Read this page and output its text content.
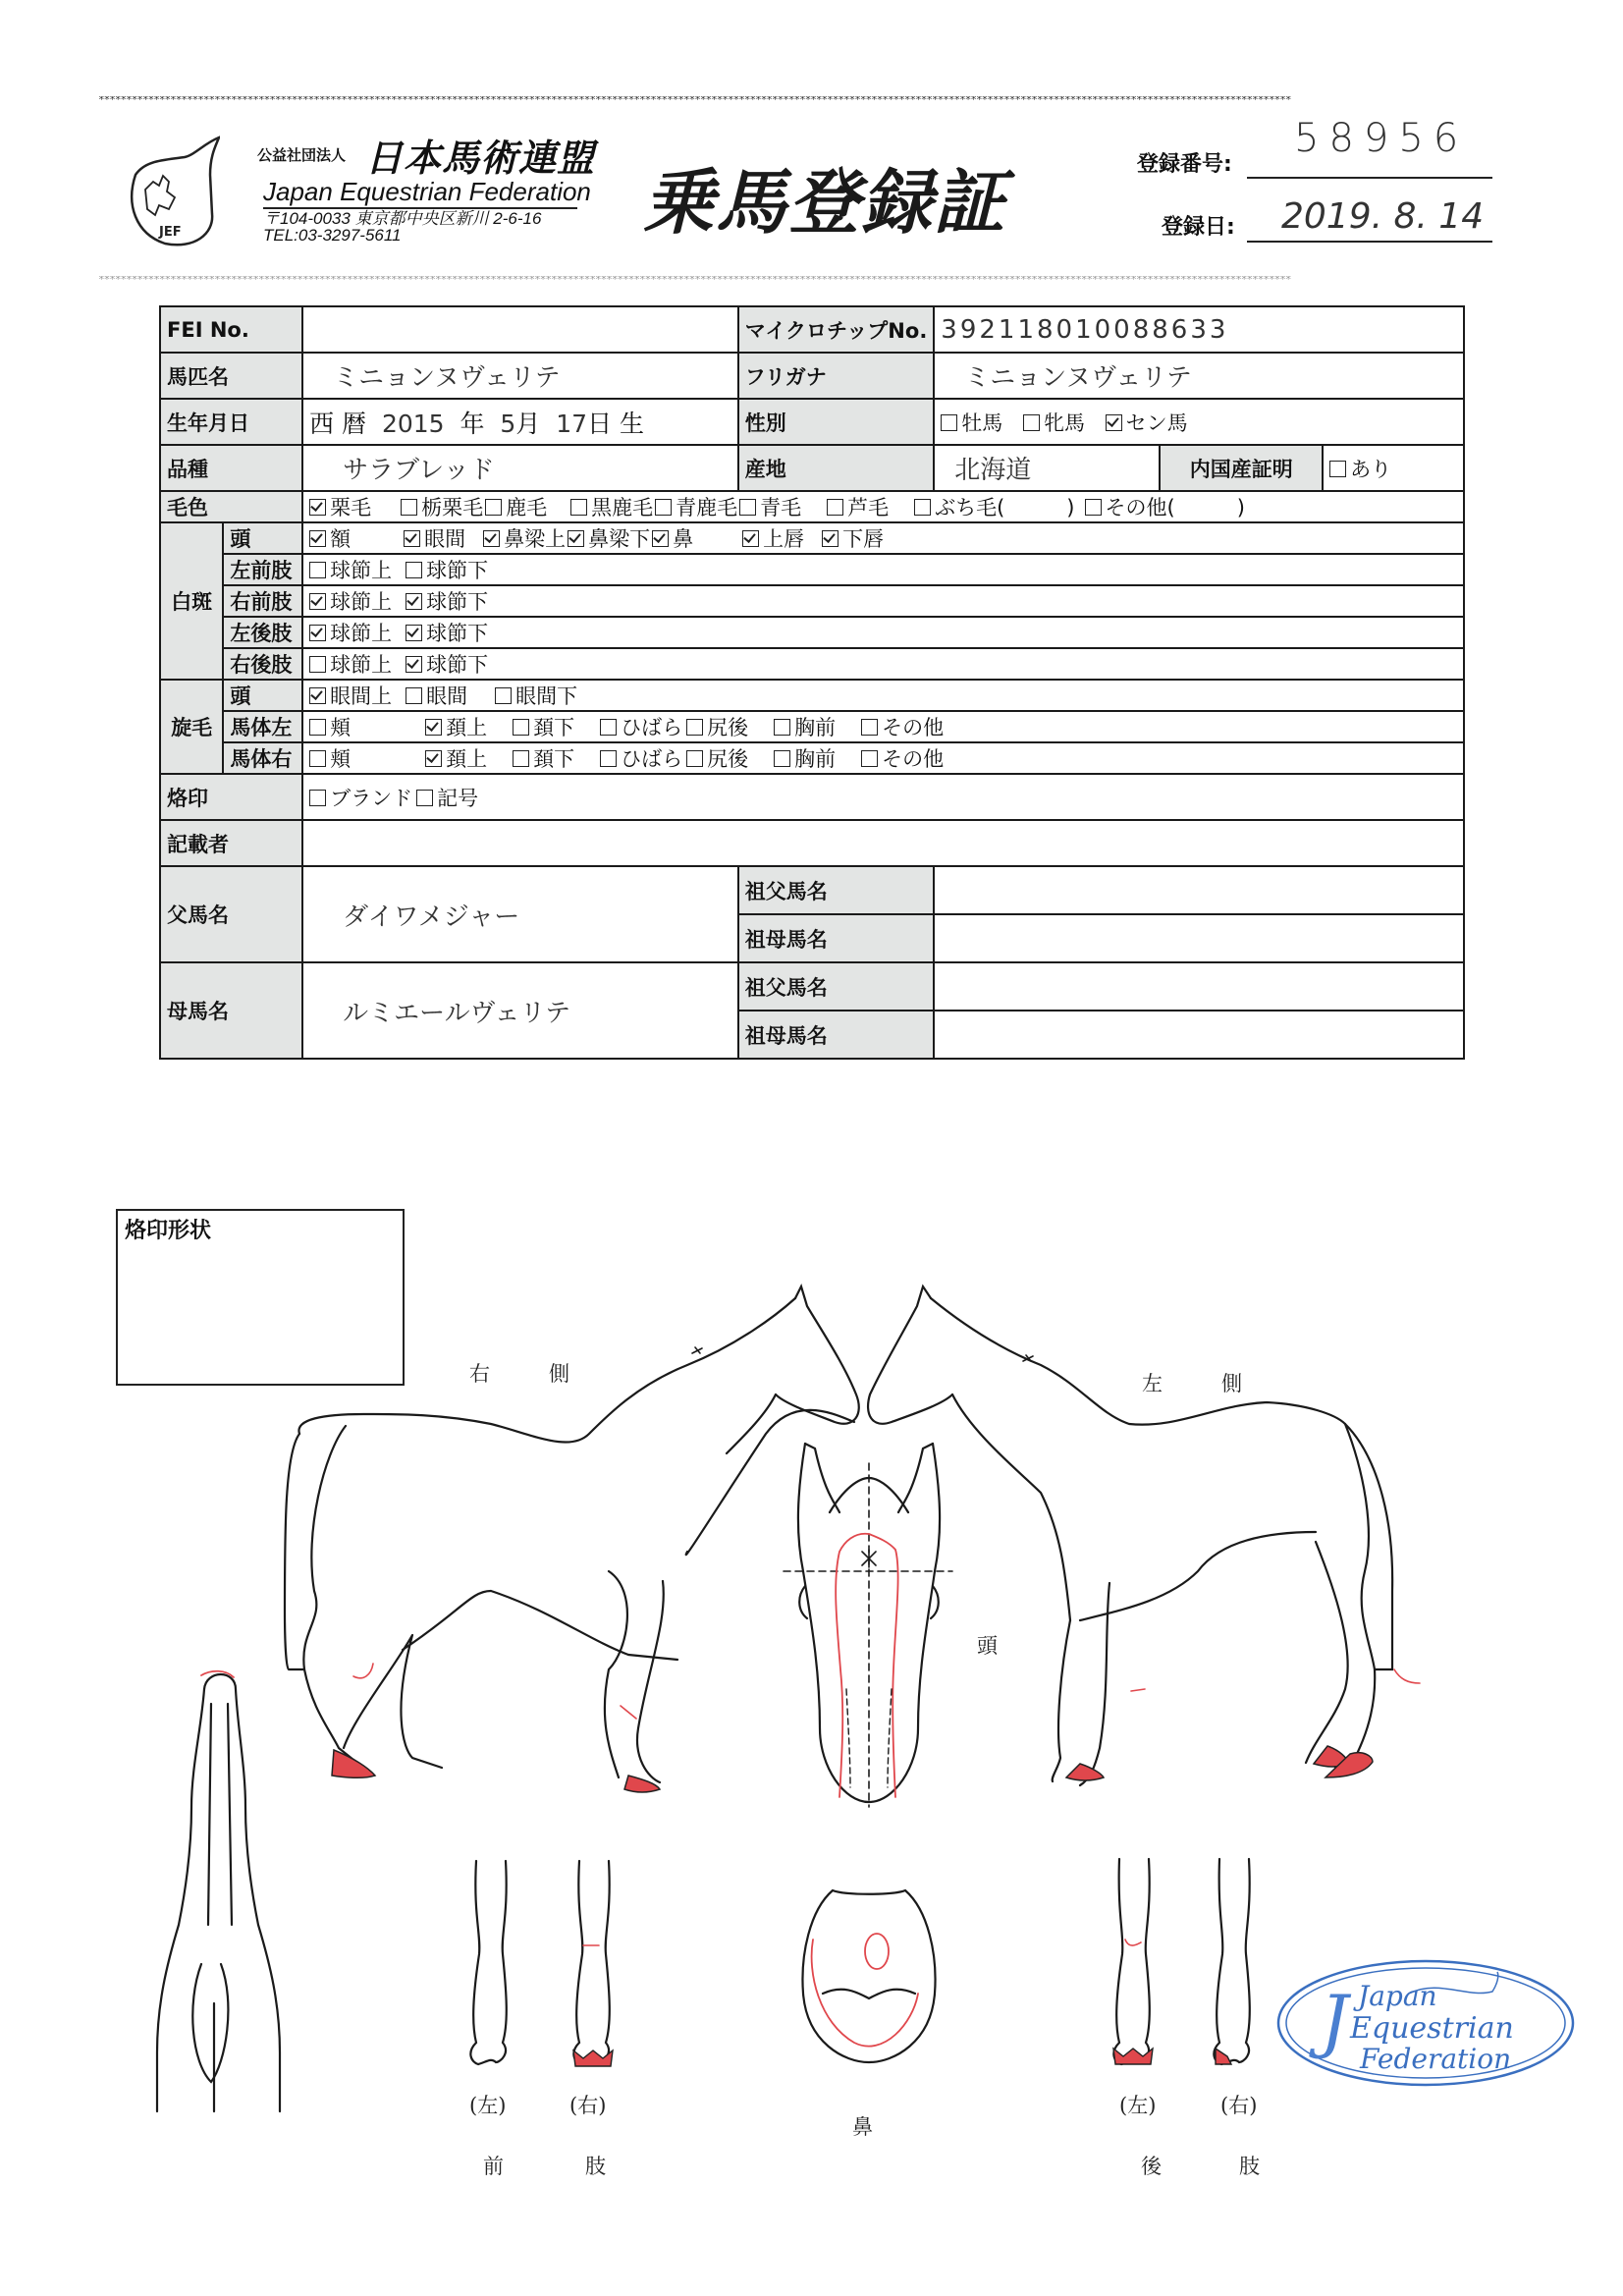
************************************************************************************************************************************************************************************************************************
************************************************************************************************************************************************************************************************************************
JEF
公益社団法人 日本馬術連盟
Japan Equestrian Federation
〒104-0033 東京都中央区新川 2-6-16
TEL:03-3297-5611	乗馬登録証	登録番号:
58956
登録日: 2019. 8. 14
FEI No.			マイクロチップNo.	392118010088633		
馬匹名		ミニョンヌヴェリテ	フリガナ	ミニョンヌヴェリテ		
生年月日		西 暦 2015 年 5月 17日 生	性別	牡馬 牝馬 セン馬		
品種		サラブレッド	産地	北海道	内国産証明	あり
毛色		栗毛 栃栗毛 鹿毛 黒鹿毛 青鹿毛 青毛 芦毛 ぶち毛(　　　) その他(　　　)				
白斑	頭	額 眼間 鼻梁上 鼻梁下 鼻 上唇 下唇				
	左前肢	球節上 球節下				
	右前肢	球節上 球節下				
	左後肢	球節上 球節下				
	右後肢	球節上 球節下				
旋毛	頭	眼間上 眼間 眼間下				
	馬体左	頬 頚上 頚下 ひばら 尻後 胸前 その他				
	馬体右	頬 頚上 頚下 ひばら 尻後 胸前 その他				
烙印		ブランド 記号				
記載者						
父馬名		ダイワメジャー	祖父馬名			
			祖母馬名			
母馬名		ルミエールヴェリテ	祖父馬名			
			祖母馬名			
烙印形状
右　　側	左　　側
頭
鼻
(左)	(右)
前	肢
(左)	(右)
後	肢
J Japan
Equestrian
Federation
